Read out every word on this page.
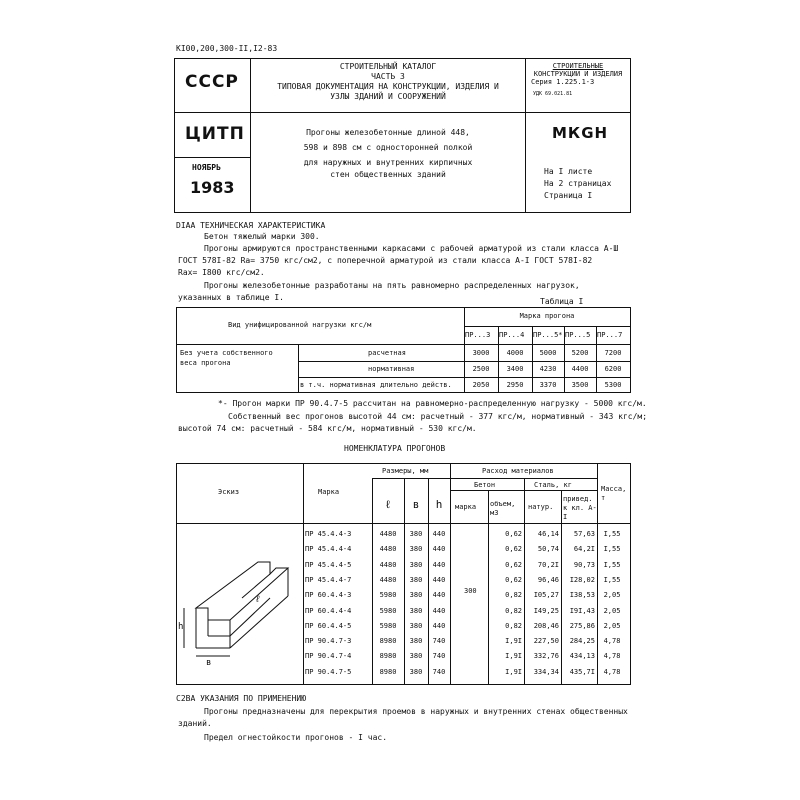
КI00,200,300-II,I2-83
СССР
ЦИТП
НОЯБРЬ
1983
СТРОИТЕЛЬНЫЙ КАТАЛОГ
ЧАСТЬ 3
ТИПОВАЯ ДОКУМЕНТАЦИЯ НА КОНСТРУКЦИИ, ИЗДЕЛИЯ И
УЗЛЫ ЗДАНИЙ И СООРУЖЕНИЙ
СТРОИТЕЛЬНЫЕ
КОНСТРУКЦИИ И ИЗДЕЛИЯ
Серия 1.225.1-3
УДК 69.021.81
Прогоны железобетонные длиной 448,
598 и 898 см с односторонней полкой
для наружных и внутренних кирпичных
стен общественных зданий
МКGН
На I листе
На 2 страницах
Страница I
DIAA ТЕХНИЧЕСКАЯ ХАРАКТЕРИСТИКА
Бетон тяжелый марки 300.
Прогоны армируются пространственными каркасами с рабочей арматурой из стали класса А-Ш
ГОСТ 578I-82 Ra= 3750 кгс/см2, с поперечной арматурой из стали класса А-I ГОСТ 578I-82
Rax= I800 кгс/см2.
Прогоны железобетонные разработаны на пять равномерно распределенных нагрузок,
указанных в таблице I.	Таблица I
Вид унифицированной нагрузки кгс/м
Марка прогона
ПР...3 ПР...4 ПР...5* ПР...5 ПР...7
Без учета собственного
веса прогона
расчетная	3000	4000	5000	5200	7200
нормативная	2500	3400	4230	4400	6200
в т.ч. нормативная длительно действ.	2050	2950	3370	3500	5300
*- Прогон марки ПР 90.4.7-5 рассчитан на равномерно-распределенную нагрузку - 5000 кгс/м.
Собственный вес прогонов высотой 44 см: расчетный - 377 кгс/м, нормативный - 343 кгс/м;
высотой 74 см: расчетный - 584 кгс/м, нормативный - 530 кгс/м.
НОМЕНКЛАТУРА ПРОГОНОВ
Эскиз	Марка
Размеры, мм
ℓ	в	h
Расход материалов
Бетон	Сталь, кг
марка объем, м3
натур.
привед. к кл. А-I
Масса, т
300
ПР 45.4.4-3	4480	380	440	0,62	46,14	57,63	I,55
ПР 45.4.4-4	4480	380	440	0,62	50,74	64,2I	I,55
ПР 45.4.4-5	4480	380	440	0,62	70,2I	90,73	I,55
ПР 45.4.4-7	4480	380	440	0,62	96,46	I28,02	I,55
ПР 60.4.4-3	5980	380	440	0,82	I05,27	I38,53	2,05
ПР 60.4.4-4	5980	380	440	0,82	I49,25	I9I,43	2,05
ПР 60.4.4-5	5980	380	440	0,82	208,46	275,86	2,05
ПР 90.4.7-3	8980	380	740	I,9I	227,50	284,25	4,78
ПР 90.4.7-4	8980	380	740	I,9I	332,76	434,13	4,78
ПР 90.4.7-5	8980	380	740	I,9I	334,34	435,7I	4,78
ℓ
h
в
С2ВА УКАЗАНИЯ ПО ПРИМЕНЕНИЮ
Прогоны предназначены для перекрытия проемов в наружных и внутренних стенах общественных
зданий.
Предел огнестойкости прогонов - I час.
